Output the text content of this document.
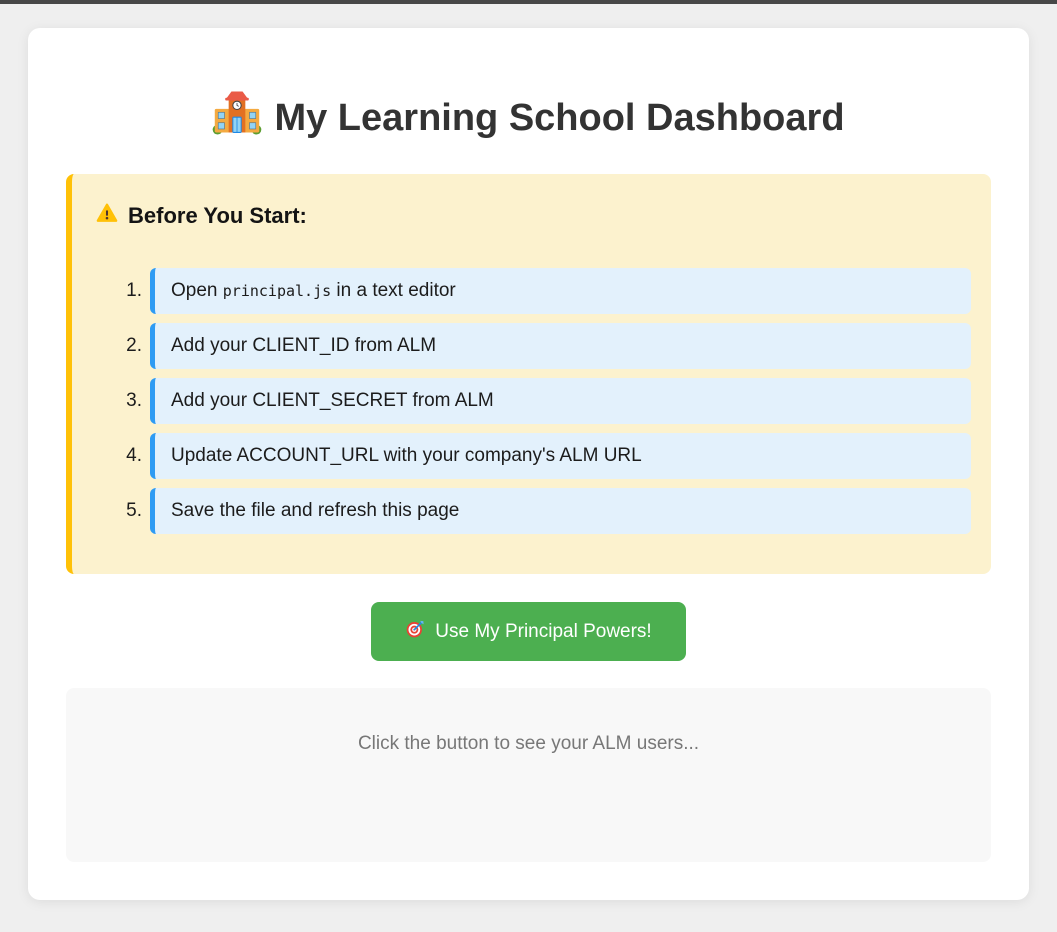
My Learning School Dashboard
Before You Start:
1.	Open principal.js in a text editor
2.	Add your CLIENT_ID from ALM
3.	Add your CLIENT_SECRET from ALM
4.	Update ACCOUNT_URL with your company's ALM URL
5.	Save the file and refresh this page
Use My Principal Powers!
Click the button to see your ALM users...
